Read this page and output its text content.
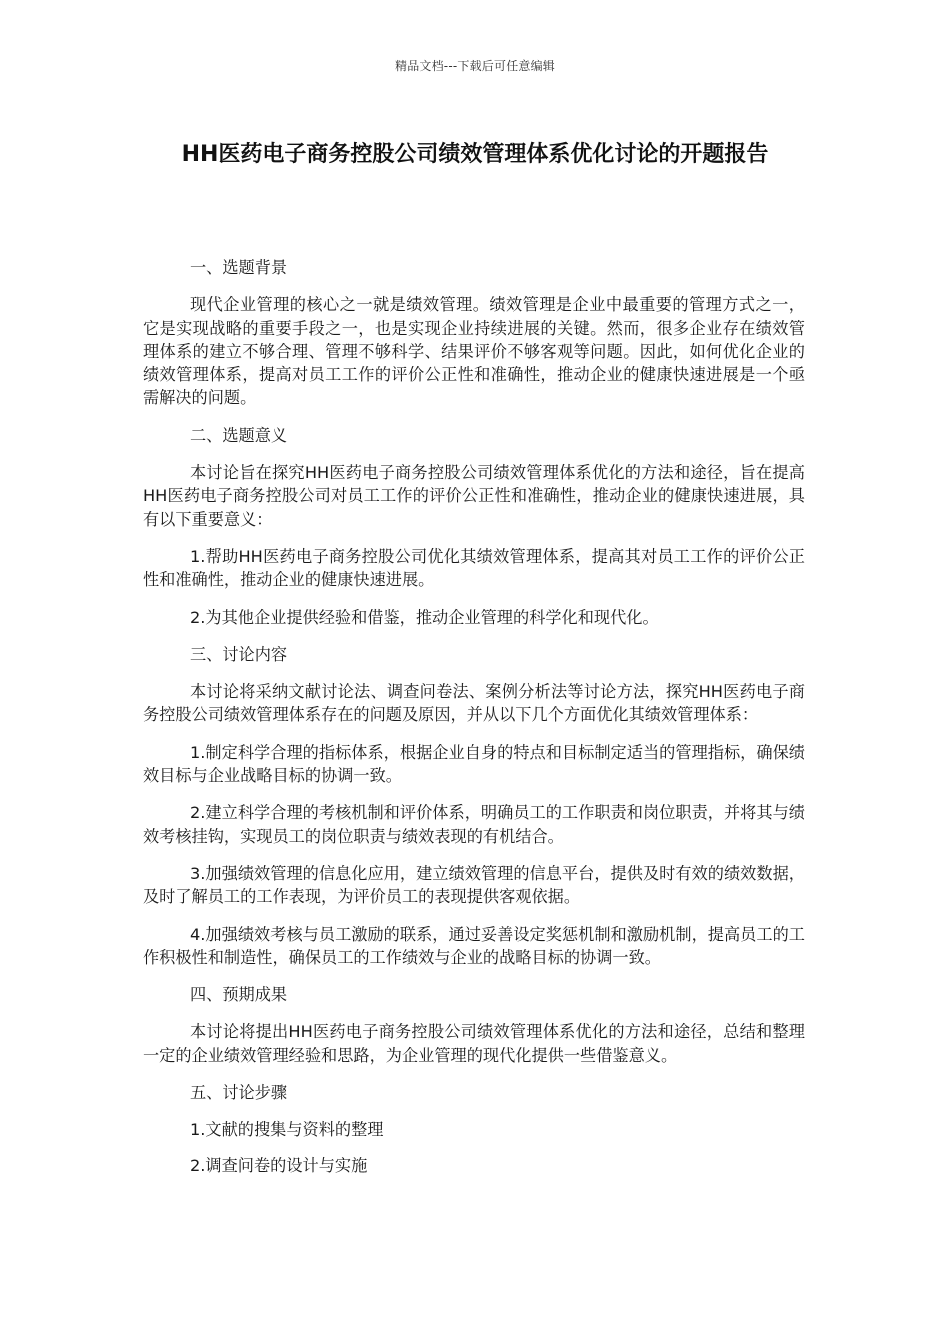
精品文档---下载后可任意编辑
HH医药电子商务控股公司绩效管理体系优化讨论的开题报告

一、选题背景

现代企业管理的核心之一就是绩效管理。绩效管理是企业中最重要的管理方式之一，它是实现战略的重要手段之一，也是实现企业持续进展的关键。然而，很多企业存在绩效管理体系的建立不够合理、管理不够科学、结果评价不够客观等问题。因此，如何优化企业的绩效管理体系，提高对员工工作的评价公正性和准确性，推动企业的健康快速进展是一个亟需解决的问题。

二、选题意义

本讨论旨在探究HH医药电子商务控股公司绩效管理体系优化的方法和途径，旨在提高HH医药电子商务控股公司对员工工作的评价公正性和准确性，推动企业的健康快速进展，具有以下重要意义：

1.帮助HH医药电子商务控股公司优化其绩效管理体系，提高其对员工工作的评价公正性和准确性，推动企业的健康快速进展。

2.为其他企业提供经验和借鉴，推动企业管理的科学化和现代化。

三、讨论内容

本讨论将采纳文献讨论法、调查问卷法、案例分析法等讨论方法，探究HH医药电子商务控股公司绩效管理体系存在的问题及原因，并从以下几个方面优化其绩效管理体系：

1.制定科学合理的指标体系，根据企业自身的特点和目标制定适当的管理指标，确保绩效目标与企业战略目标的协调一致。

2.建立科学合理的考核机制和评价体系，明确员工的工作职责和岗位职责，并将其与绩效考核挂钩，实现员工的岗位职责与绩效表现的有机结合。

3.加强绩效管理的信息化应用，建立绩效管理的信息平台，提供及时有效的绩效数据，及时了解员工的工作表现，为评价员工的表现提供客观依据。

4.加强绩效考核与员工激励的联系，通过妥善设定奖惩机制和激励机制，提高员工的工作积极性和制造性，确保员工的工作绩效与企业的战略目标的协调一致。

四、预期成果

本讨论将提出HH医药电子商务控股公司绩效管理体系优化的方法和途径，总结和整理一定的企业绩效管理经验和思路，为企业管理的现代化提供一些借鉴意义。

五、讨论步骤

1.文献的搜集与资料的整理

2.调查问卷的设计与实施
